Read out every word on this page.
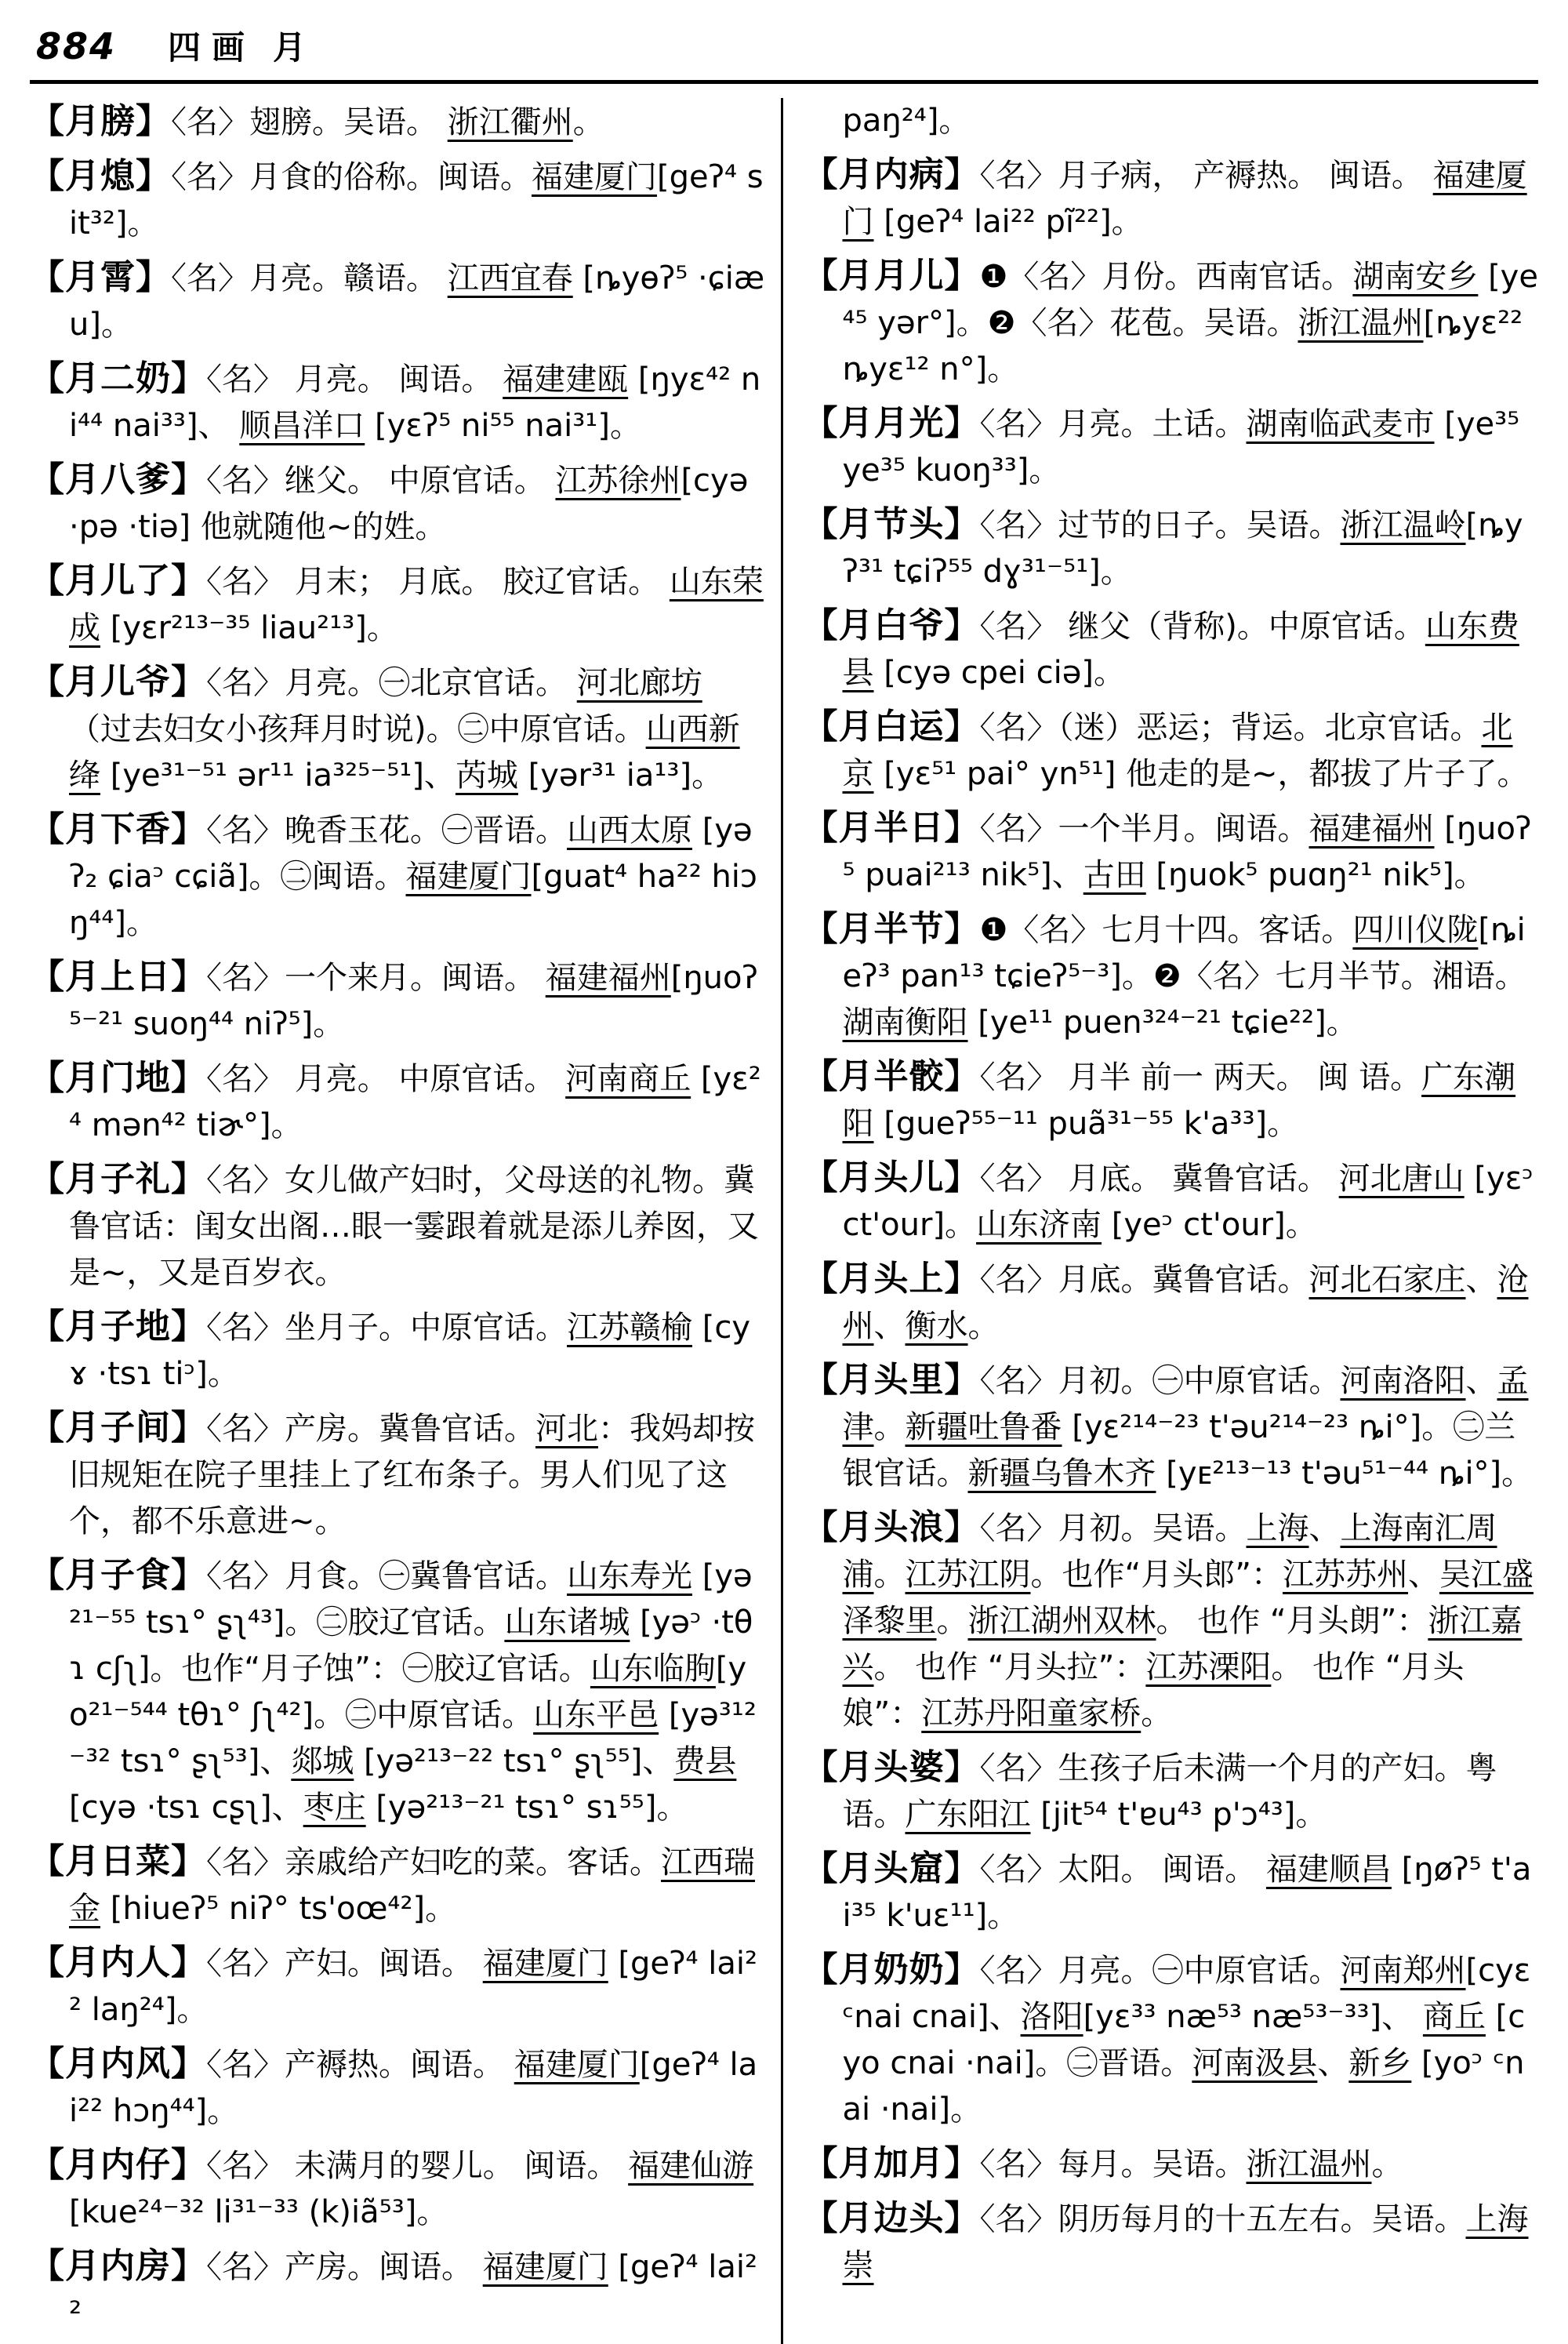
884 四画 月

【月膀】〈名〉翅膀。吴语。 浙江衢州。

【月熄】〈名〉月食的俗称。闽语。福建厦门[geʔ⁴ sit³²]。

【月霄】〈名〉月亮。赣语。 江西宜春 [ȵyɵʔ⁵ ·ɕiæu]。

【月二奶】〈名〉 月亮。 闽语。 福建建瓯 [ŋyɛ⁴² ni⁴⁴ nai³³]、 顺昌洋口 [yɛʔ⁵ ni⁵⁵ nai³¹]。

【月八爹】〈名〉继父。 中原官话。 江苏徐州[cyə ·pə ·tiə] 他就随他~的姓。

【月儿了】〈名〉 月末； 月底。 胶辽官话。 山东荣成 [yɛr²¹³⁻³⁵ liau²¹³]。

【月儿爷】〈名〉月亮。㊀北京官话。 河北廊坊（过去妇女小孩拜月时说)。㊁中原官话。山西新绛 [ye³¹⁻⁵¹ ər¹¹ ia³²⁵⁻⁵¹]、芮城 [yər³¹ ia¹³]。

【月下香】〈名〉晚香玉花。㊀晋语。山西太原 [yəʔ₂ ɕiaᵓ cɕiã]。㊁闽语。福建厦门[guat⁴ ha²² hiɔŋ⁴⁴]。

【月上日】〈名〉一个来月。闽语。 福建福州[ŋuoʔ⁵⁻²¹ suoŋ⁴⁴ niʔ⁵]。

【月门地】〈名〉 月亮。 中原官话。 河南商丘 [yɛ²⁴ mən⁴² tiɚ°]。

【月子礼】〈名〉女儿做产妇时，父母送的礼物。冀鲁官话：闺女出阁…眼一霎跟着就是添儿养囡，又是~，又是百岁衣。

【月子地】〈名〉坐月子。中原官话。江苏赣榆 [cyɤ ·tsɿ tiᵓ]。

【月子间】〈名〉产房。冀鲁官话。河北：我妈却按旧规矩在院子里挂上了红布条子。男人们见了这个，都不乐意进~。

【月子食】〈名〉月食。㊀冀鲁官话。山东寿光 [yə²¹⁻⁵⁵ tsɿ° ʂʅ⁴³]。㊁胶辽官话。山东诸城 [yəᵓ ·tθɿ cʃʅ]。也作“月子蚀”：㊀胶辽官话。山东临朐[yo²¹⁻⁵⁴⁴ tθɿ° ʃʅ⁴²]。㊁中原官话。山东平邑 [yə³¹²⁻³² tsɿ° ʂʅ⁵³]、郯城 [yə²¹³⁻²² tsɿ° ʂʅ⁵⁵]、费县 [cyə ·tsɿ cʂʅ]、枣庄 [yə²¹³⁻²¹ tsɿ° sɿ⁵⁵]。

【月日菜】〈名〉亲戚给产妇吃的菜。客话。江西瑞金 [hiueʔ⁵ niʔ° ts'oœ⁴²]。

【月内人】〈名〉产妇。闽语。 福建厦门 [geʔ⁴ lai²² laŋ²⁴]。

【月内风】〈名〉产褥热。闽语。 福建厦门[geʔ⁴ lai²² hɔŋ⁴⁴]。

【月内仔】〈名〉 未满月的婴儿。 闽语。 福建仙游 [kue²⁴⁻³² li³¹⁻³³ (k)iã⁵³]。

【月内房】〈名〉产房。闽语。 福建厦门 [geʔ⁴ lai²²

paŋ²⁴]。

【月内病】〈名〉月子病， 产褥热。 闽语。 福建厦门 [geʔ⁴ lai²² pĩ²²]。

【月月儿】❶〈名〉月份。西南官话。湖南安乡 [ye⁴⁵ yər°]。❷〈名〉花苞。吴语。浙江温州[ȵyɛ²² ȵyɛ¹² n°]。

【月月光】〈名〉月亮。土话。湖南临武麦市 [ye³⁵ ye³⁵ kuoŋ³³]。

【月节头】〈名〉过节的日子。吴语。浙江温岭[ȵyʔ³¹ tɕiʔ⁵⁵ dɣ³¹⁻⁵¹]。

【月白爷】〈名〉 继父（背称)。中原官话。山东费县 [cyə cpei ciə]。

【月白运】〈名〉（迷）恶运；背运。北京官话。北京 [yɛ⁵¹ pai° yn⁵¹] 他走的是~，都拔了片子了。

【月半日】〈名〉一个半月。闽语。福建福州 [ŋuoʔ⁵ puai²¹³ nik⁵]、古田 [ŋuok⁵ puɑŋ²¹ nik⁵]。

【月半节】❶〈名〉七月十四。客话。四川仪陇[ȵieʔ³ pan¹³ tɕieʔ⁵⁻³]。❷〈名〉七月半节。湘语。 湖南衡阳 [ye¹¹ puen³²⁴⁻²¹ tɕie²²]。

【月半骹】〈名〉 月半 前一 两天。 闽 语。广东潮阳 [gueʔ⁵⁵⁻¹¹ puã³¹⁻⁵⁵ k'a³³]。

【月头儿】〈名〉 月底。 冀鲁官话。 河北唐山 [yɛᵓ ct'our]。山东济南 [yeᵓ ct'our]。

【月头上】〈名〉月底。冀鲁官话。河北石家庄、沧州、衡水。

【月头里】〈名〉月初。㊀中原官话。河南洛阳、孟津。新疆吐鲁番 [yɛ²¹⁴⁻²³ t'əu²¹⁴⁻²³ ȵi°]。㊁兰银官话。新疆乌鲁木齐 [yᴇ²¹³⁻¹³ t'əu⁵¹⁻⁴⁴ ȵi°]。

【月头浪】〈名〉月初。吴语。上海、上海南汇周浦。江苏江阴。也作“月头郎”：江苏苏州、吴江盛泽黎里。浙江湖州双林。 也作 “月头朗”：浙江嘉兴。 也作 “月头拉”：江苏溧阳。 也作 “月头娘”：江苏丹阳童家桥。

【月头婆】〈名〉生孩子后未满一个月的产妇。粤语。广东阳江 [jit⁵⁴ t'ɐu⁴³ p'ɔ⁴³]。

【月头窟】〈名〉太阳。 闽语。 福建顺昌 [ŋøʔ⁵ t'ai³⁵ k'uɛ¹¹]。

【月奶奶】〈名〉月亮。㊀中原官话。河南郑州[cyɛ ᶜnai cnai]、洛阳[yɛ³³ næ⁵³ næ⁵³⁻³³]、 商丘 [cyo cnai ·nai]。㊁晋语。河南汲县、新乡 [yoᵓ ᶜnai ·nai]。

【月加月】〈名〉每月。吴语。浙江温州。

【月边头】〈名〉阴历每月的十五左右。吴语。上海崇
